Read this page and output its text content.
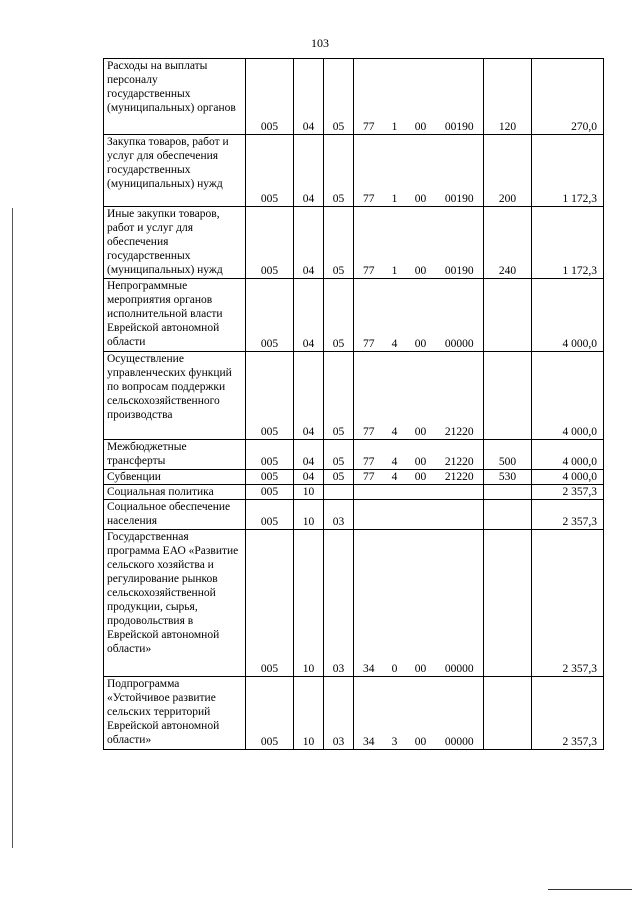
103
Расходы на выплаты персоналу государственных (муниципальных) органов	005	04	05	77	1	00	00190	120	270,0
Закупка товаров, работ и услуг для обеспечения государственных (муниципальных) нужд	005	04	05	77	1	00	00190	200	1 172,3
Иные закупки товаров, работ и услуг для обеспечения государственных (муниципальных) нужд	005	04	05	77	1	00	00190	240	1 172,3
Непрограммные мероприятия органов исполнительной власти Еврейской автономной области	005	04	05	77	4	00	00000		4 000,0
Осуществление управленческих функций по вопросам поддержки сельскохозяйственного производства	005	04	05	77	4	00	21220		4 000,0
Межбюджетные трансферты	005	04	05	77	4	00	21220	500	4 000,0
Субвенции	005	04	05	77	4	00	21220	530	4 000,0
Социальная политика	005	10							2 357,3
Социальное обеспечение населения	005	10	03						2 357,3
Государственная программа ЕАО «Развитие сельского хозяйства и регулирование рынков сельскохозяйственной продукции, сырья, продовольствия в Еврейской автономной области»	005	10	03	34	0	00	00000		2 357,3
Подпрограмма «Устойчивое развитие сельских территорий Еврейской автономной области»	005	10	03	34	3	00	00000		2 357,3
